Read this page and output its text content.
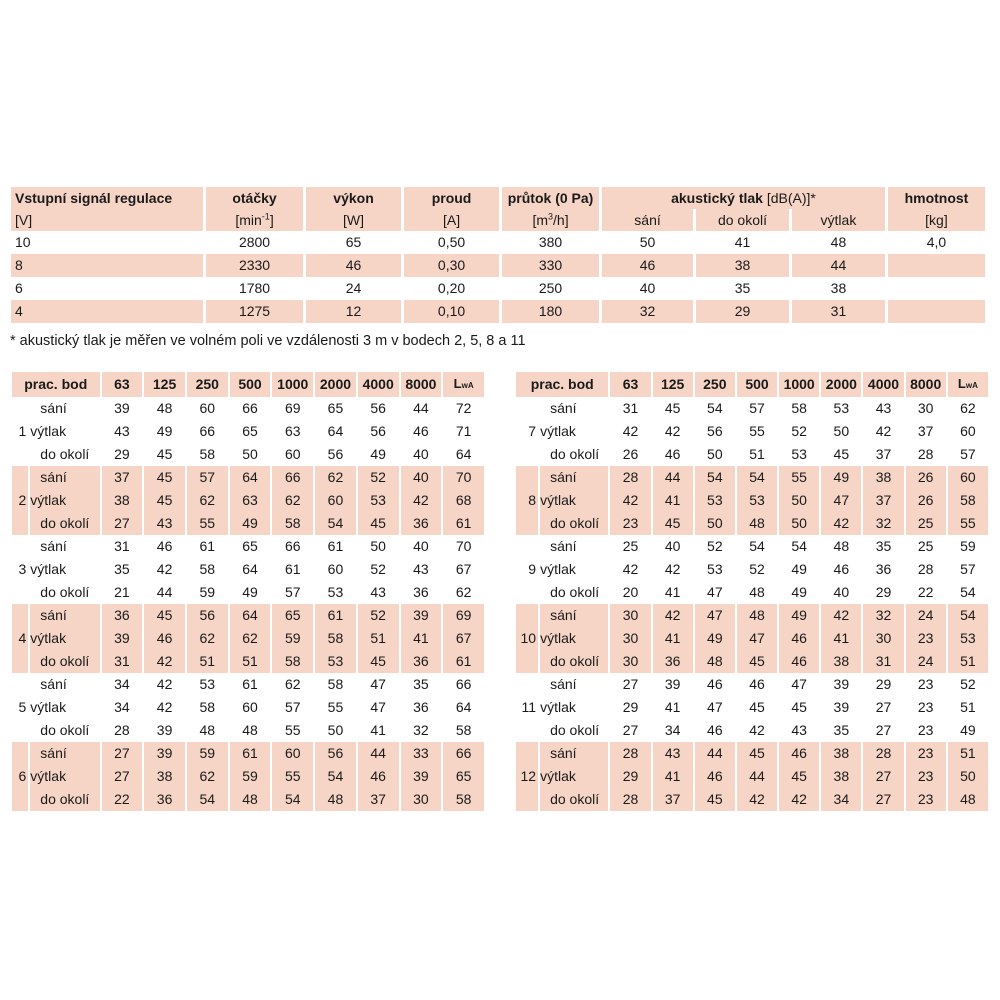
Vstupní signál regulace	otáčky	výkon	proud	průtok (0 Pa)	akustický tlak [dB(A)]*			hmotnost
[V]	$[\min^{-1}]$	[W]	[A]	$[m^3/h]$	sání	do okolí	výtlak	[kg]
10	2800	65	0,50	380	50	41	48	4,0
8	2330	46	0,30	330	46	38	44	
6	1780	24	0,20	250	40	35	38	
4	1275	12	0,10	180	32	29	31	
* akustický tlak je měřen ve volném poli ve vzdálenosti 3 m v bodech 2, 5, 8 a 11
prac. bod		63	125	250	500	1000	2000	4000	8000	LwA
	sání	39	48	60	66	69	65	56	44	72
1	výtlak	43	49	66	65	63	64	56	46	71
	do okolí	29	45	58	50	60	56	49	40	64
	sání	37	45	57	64	66	62	52	40	70
2	výtlak	38	45	62	63	62	60	53	42	68
	do okolí	27	43	55	49	58	54	45	36	61
	sání	31	46	61	65	66	61	50	40	70
3	výtlak	35	42	58	64	61	60	52	43	67
	do okolí	21	44	59	49	57	53	43	36	62
	sání	36	45	56	64	65	61	52	39	69
4	výtlak	39	46	62	62	59	58	51	41	67
	do okolí	31	42	51	51	58	53	45	36	61
	sání	34	42	53	61	62	58	47	35	66
5	výtlak	34	42	58	60	57	55	47	36	64
	do okolí	28	39	48	48	55	50	41	32	58
	sání	27	39	59	61	60	56	44	33	66
6	výtlak	27	38	62	59	55	54	46	39	65
	do okolí	22	36	54	48	54	48	37	30	58
prac. bod		63	125	250	500	1000	2000	4000	8000	LwA
	sání	31	45	54	57	58	53	43	30	62
7	výtlak	42	42	56	55	52	50	42	37	60
	do okolí	26	46	50	51	53	45	37	28	57
	sání	28	44	54	54	55	49	38	26	60
8	výtlak	42	41	53	53	50	47	37	26	58
	do okolí	23	45	50	48	50	42	32	25	55
	sání	25	40	52	54	54	48	35	25	59
9	výtlak	42	42	53	52	49	46	36	28	57
	do okolí	20	41	47	48	49	40	29	22	54
	sání	30	42	47	48	49	42	32	24	54
10	výtlak	30	41	49	47	46	41	30	23	53
	do okolí	30	36	48	45	46	38	31	24	51
	sání	27	39	46	46	47	39	29	23	52
11	výtlak	29	41	47	45	45	39	27	23	51
	do okolí	27	34	46	42	43	35	27	23	49
	sání	28	43	44	45	46	38	28	23	51
12	výtlak	29	41	46	44	45	38	27	23	50
	do okolí	28	37	45	42	42	34	27	23	48
